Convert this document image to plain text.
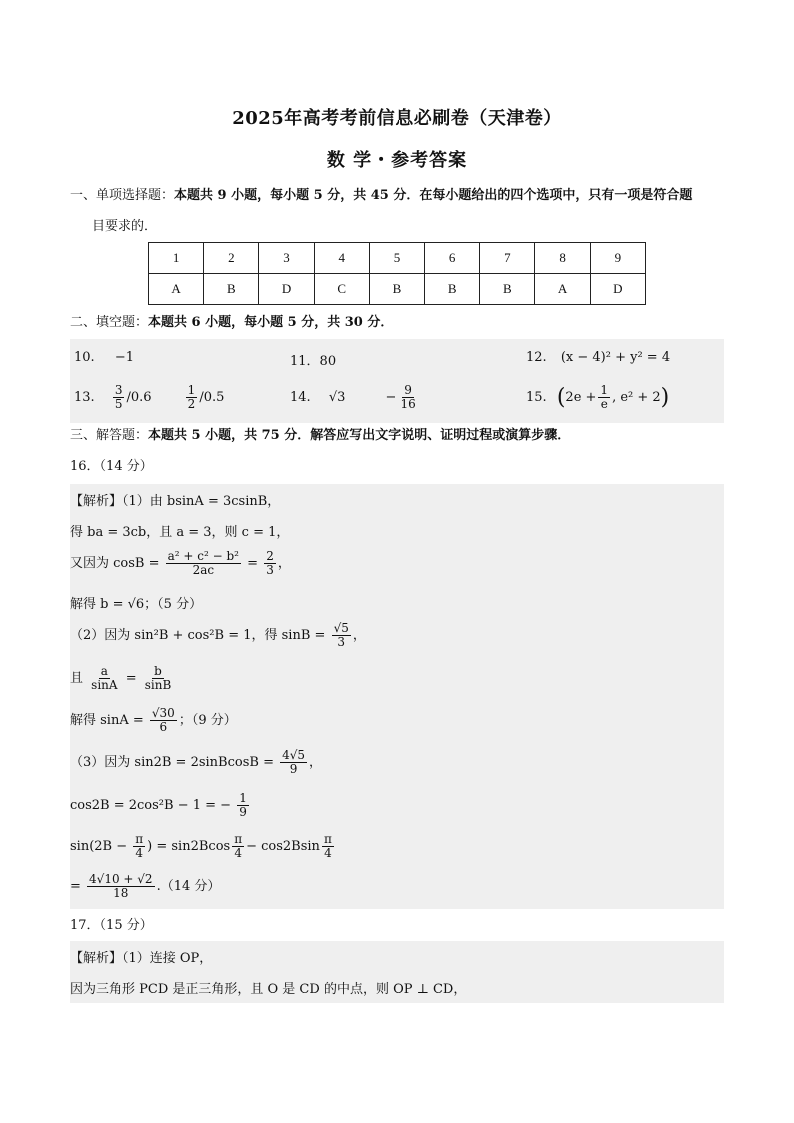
2025年高考考前信息必刷卷（天津卷）
数 学・参考答案
一、单项选择题：本题共 9 小题，每小题 5 分，共 45 分．在每小题给出的四个选项中，只有一项是符合题
目要求的．
1	2	3	4	5	6	7	8	9
A	B	D	C	B	B	B	A	D
二、填空题：本题共 6 小题，每小题 5 分，共 30 分．
10. −1	11．80	12. (x − 4)² + y² = 4
13. $\frac{3}{5} /0.6$	$\frac{1}{2} /0.5$	14. √3	− $\frac{9}{16}$	15. ($2e + \frac{1}{e}$ , e² + 2)
三、解答题：本题共 5 小题，共 75 分．解答应写出文字说明、证明过程或演算步骤．
16．（14 分）
【解析】（1）由 bsinA = 3csinB，
得 ba = 3cb，且 a = 3，则 c = 1，
又因为 $\cos B = \frac{\text{a² + c² − b²}}{2ac} = \frac{2}{3}$ ，
解得 b = √6；（5 分）
（2）因为 sin²B + cos²B = 1，得 $\sin B = \frac{√5}{3}$ ，
且 $\frac{a}{\sin A} = \frac{b}{\sin B}$
解得 $\sin A = \frac{√30}{6}$ ；（9 分）
（3）因为 sin2B = 2sinBcosB = $\frac{4√5}{9}$ ，
cos2B = 2cos²B − 1 = − $\frac{1}{9}$
$\sin(2B - \frac{\pi}{4}$ ) = $\sin 2Bcos \frac{\pi}{4} - \cos 2Bsin \frac{\pi}{4}$
= $\frac{4√10 + √2}{18} .(14$ 分）
17．（15 分）
【解析】（1）连接 OP，
因为三角形 PCD 是正三角形，且 O 是 CD 的中点，则 OP ⊥ CD，
